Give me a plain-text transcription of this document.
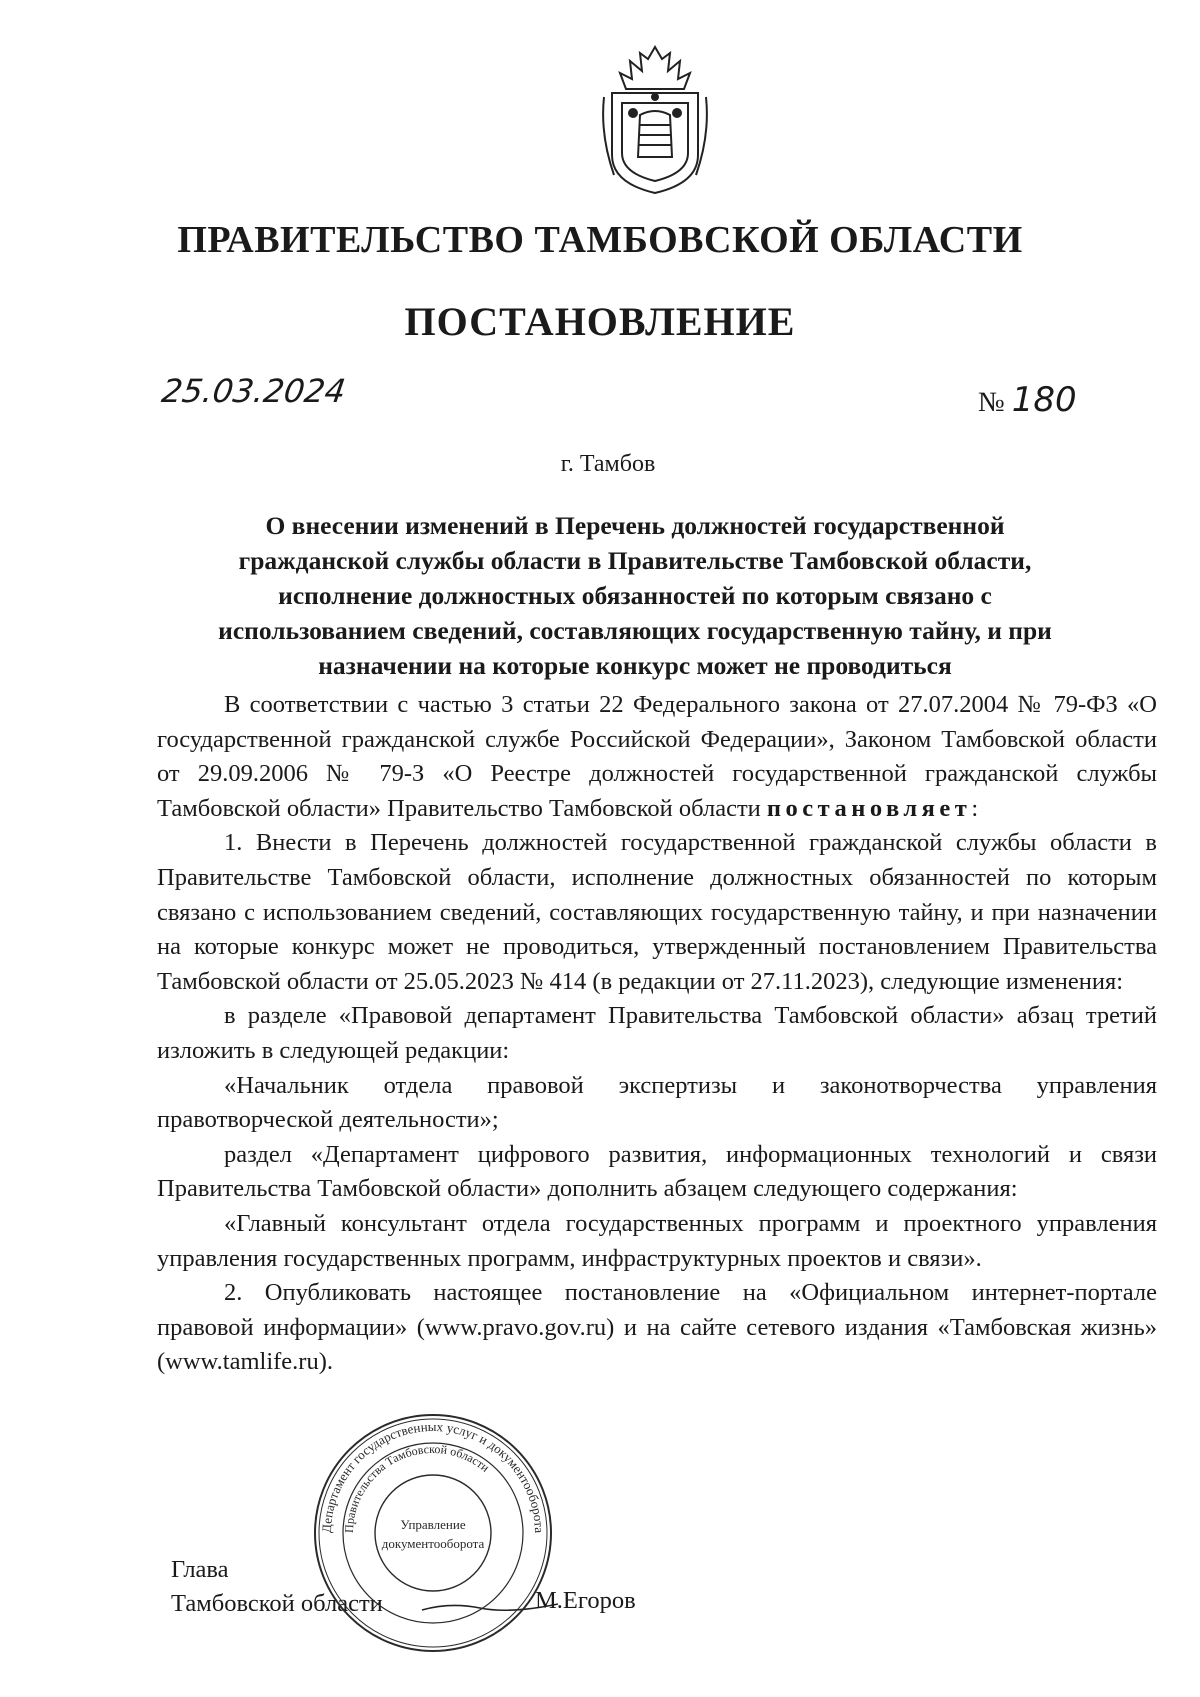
ПРАВИТЕЛЬСТВО ТАМБОВСКОЙ ОБЛАСТИ
ПОСТАНОВЛЕНИЕ
25.03.2024	№ 180
г. Тамбов
О внесении изменений в Перечень должностей государственной
гражданской службы области в Правительстве Тамбовской области,
исполнение должностных обязанностей по которым связано с
использованием сведений, составляющих государственную тайну, и при
назначении на которые конкурс может не проводиться

В соответствии с частью 3 статьи 22 Федерального закона от 27.07.2004 № 79-ФЗ «О государственной гражданской службе Российской Федерации», Законом Тамбовской области от 29.09.2006 № 79-З «О Реестре должностей государственной гражданской службы Тамбовской области» Правительство Тамбовской области постановляет:

1. Внести в Перечень должностей государственной гражданской службы области в Правительстве Тамбовской области, исполнение должностных обязанностей по которым связано с использованием сведений, составляющих государственную тайну, и при назначении на которые конкурс может не проводиться, утвержденный постановлением Правительства Тамбовской области от 25.05.2023 № 414 (в редакции от 27.11.2023), следующие изменения:

в разделе «Правовой департамент Правительства Тамбовской области» абзац третий изложить в следующей редакции:

«Начальник отдела правовой экспертизы и законотворчества управления правотворческой деятельности»;

раздел «Департамент цифрового развития, информационных технологий и связи Правительства Тамбовской области» дополнить абзацем следующего содержания:

«Главный консультант отдела государственных программ и проектного управления управления государственных программ, инфраструктурных проектов и связи».

2. Опубликовать настоящее постановление на «Официальном интернет-портале правовой информации» (www.pravo.gov.ru) и на сайте сетевого издания «Тамбовская жизнь» (www.tamlife.ru).

Глава
Тамбовской области	М.Егоров
Департамент государственных услуг и документооборота
Правительства Тамбовской области
Управление
документооборота
